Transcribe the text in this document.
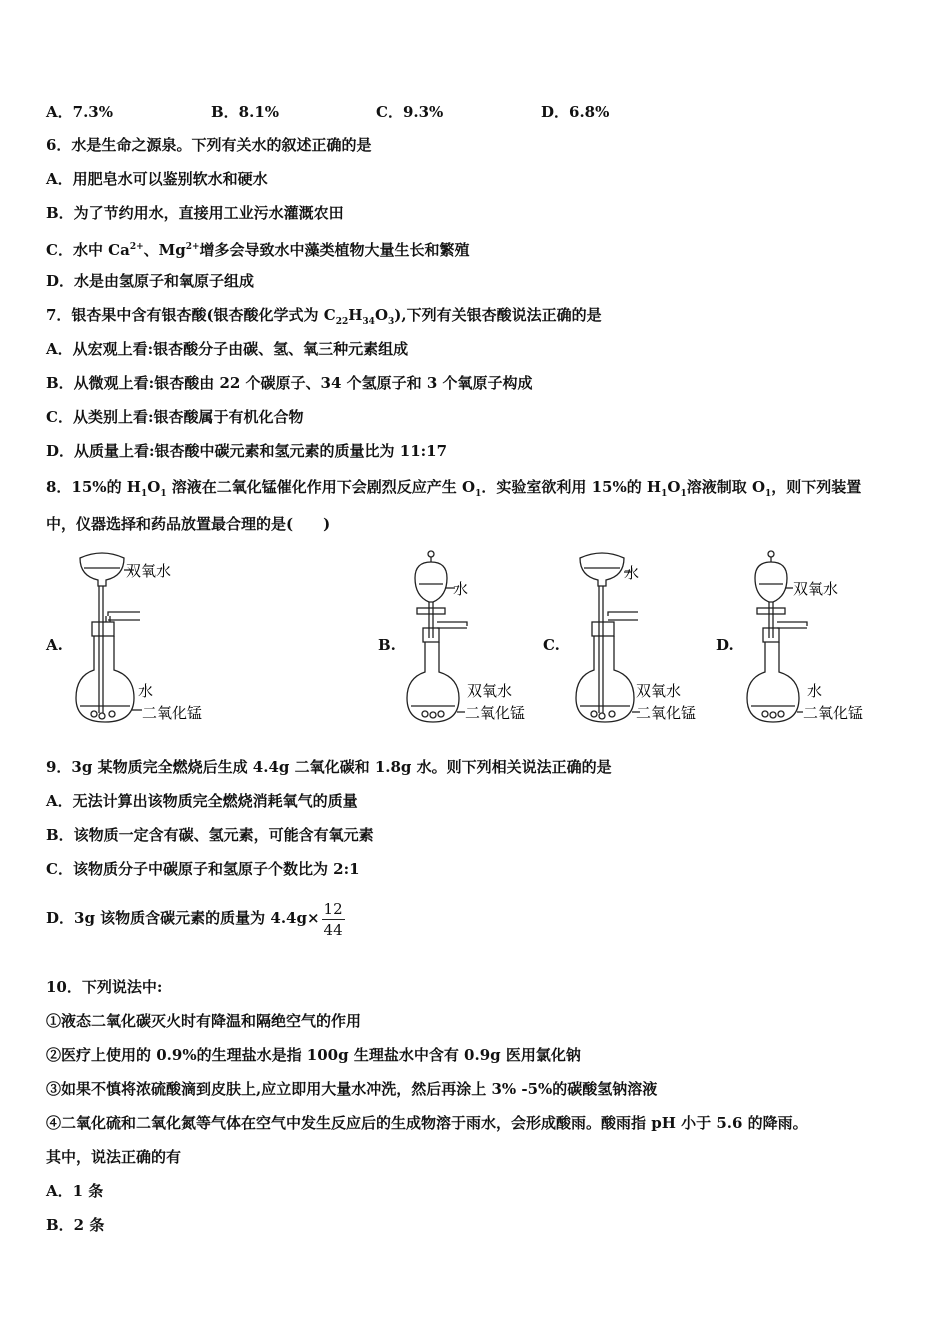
A．7.3%	B．8.1%	C．9.3%	D．6.8%
6．水是生命之源泉。下列有关水的叙述正确的是
A．用肥皂水可以鉴别软水和硬水
B．为了节约用水，直接用工业污水灌溉农田
C．水中 $Ca^{2+}$、$Mg^{2+}$增多会导致水中藻类植物大量生长和繁殖
D．水是由氢原子和氧原子组成
7．银杏果中含有银杏酸(银杏酸化学式为 $C_{22}H_{34}O_3$),下列有关银杏酸说法正确的是
A．从宏观上看:银杏酸分子由碳、氢、氧三种元素组成
B．从微观上看:银杏酸由 22 个碳原子、34 个氢原子和 3 个氧原子构成
C．从类别上看:银杏酸属于有机化合物
D．从质量上看:银杏酸中碳元素和氢元素的质量比为 11:17
8．15%的 $H_1O_1$ 溶液在二氧化锰催化作用下会剧烈反应产生 $O_1$．实验室欲利用 15%的 $H_1O_1$溶液制取 $O_1$，则下列装置
中，仪器选择和药品放置最合理的是(　　)
A.	B.	C.	D.
双氧水
水
二氧化锰
水
双氧水
二氧化锰
水
双氧水
二氧化锰
双氧水
水
二氧化锰
9．3g 某物质完全燃烧后生成 4.4g 二氧化碳和 1.8g 水。则下列相关说法正确的是
A．无法计算出该物质完全燃烧消耗氧气的质量
B．该物质一定含有碳、氢元素，可能含有氧元素
C．该物质分子中碳原子和氢原子个数比为 2:1
D．3g 该物质含碳元素的质量为 $4.4g\times \frac{12}{44}$
10．下列说法中:
①液态二氧化碳灭火时有降温和隔绝空气的作用
②医疗上使用的 0.9%的生理盐水是指 100g 生理盐水中含有 0.9g 医用氯化钠
③如果不慎将浓硫酸滴到皮肤上,应立即用大量水冲洗，然后再涂上 3% -5%的碳酸氢钠溶液
④二氧化硫和二氧化氮等气体在空气中发生反应后的生成物溶于雨水，会形成酸雨。酸雨指 pH 小于 5.6 的降雨。
其中，说法正确的有
A．1 条
B．2 条
